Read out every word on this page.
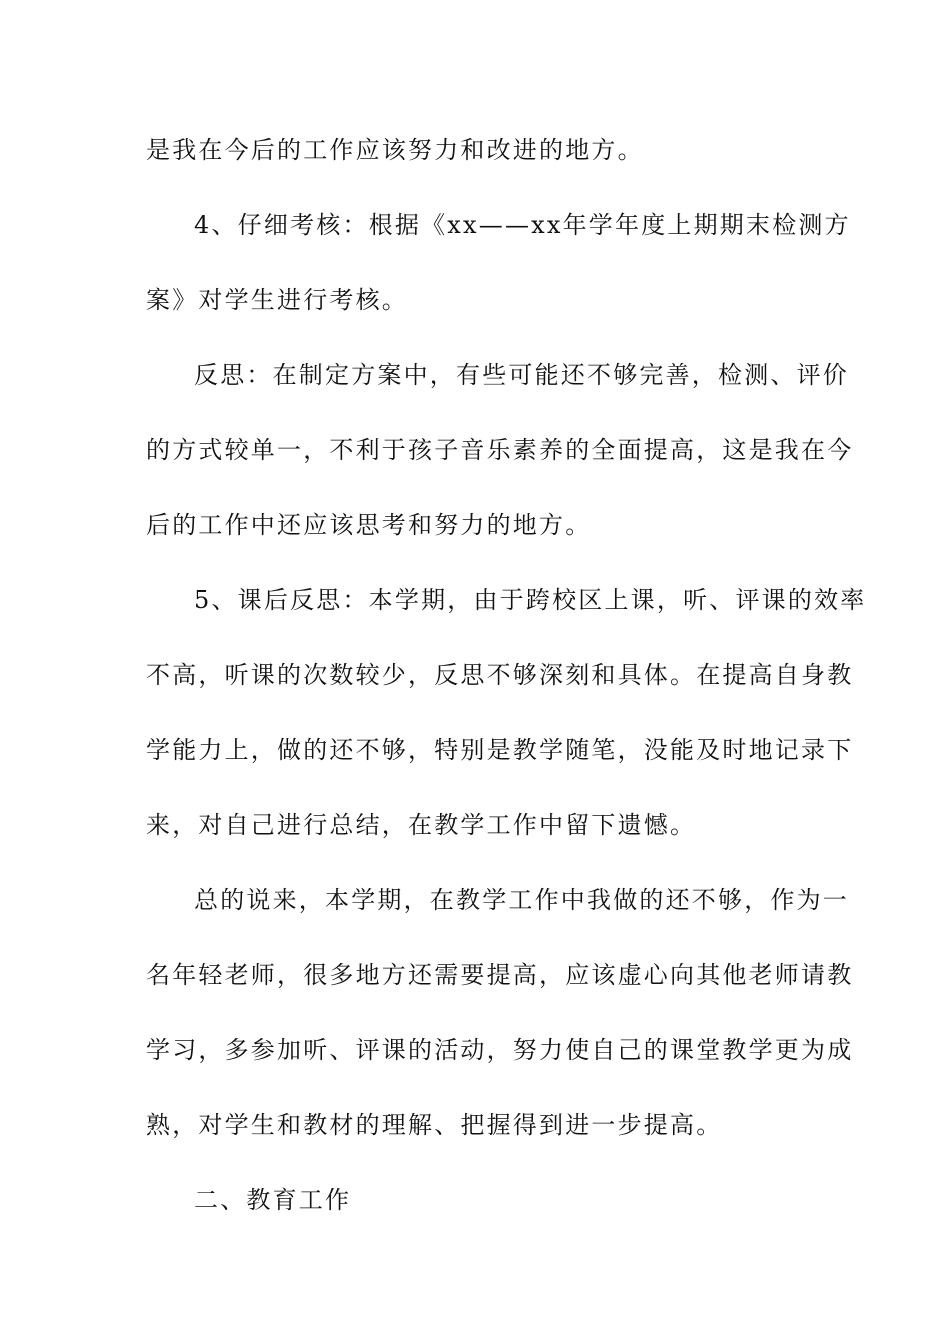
是我在今后的工作应该努力和改进的地方。
4、仔细考核：根据《xx——xx年学年度上期期末检测方
案》对学生进行考核。
反思：在制定方案中，有些可能还不够完善，检测、评价
的方式较单一，不利于孩子音乐素养的全面提高，这是我在今
后的工作中还应该思考和努力的地方。
5、课后反思：本学期，由于跨校区上课，听、评课的效率
不高，听课的次数较少，反思不够深刻和具体。在提高自身教
学能力上，做的还不够，特别是教学随笔，没能及时地记录下
来，对自己进行总结，在教学工作中留下遗憾。
总的说来，本学期，在教学工作中我做的还不够，作为一
名年轻老师，很多地方还需要提高，应该虚心向其他老师请教
学习，多参加听、评课的活动，努力使自己的课堂教学更为成
熟，对学生和教材的理解、把握得到进一步提高。
二、教育工作
